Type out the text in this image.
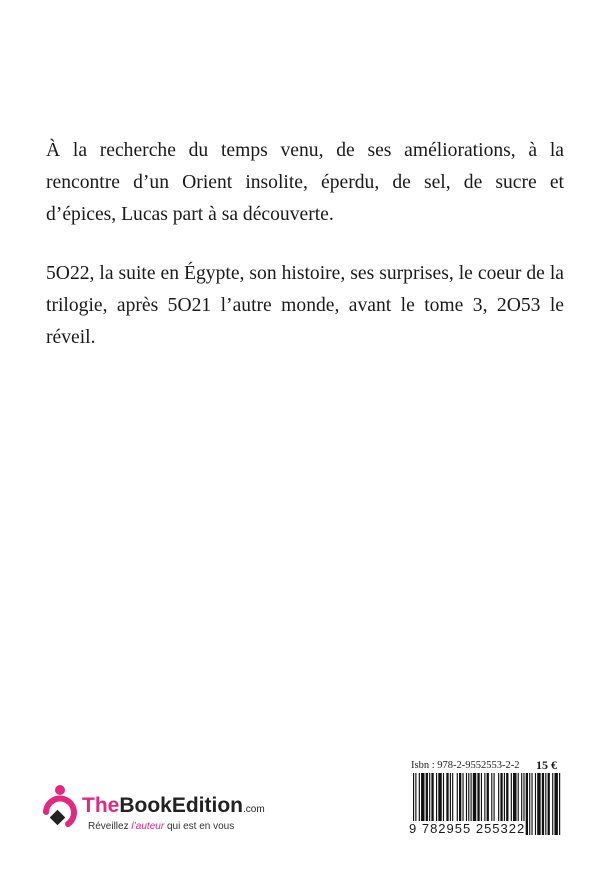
À la recherche du temps venu, de ses améliorations, à la rencontre d’un Orient insolite, éperdu, de sel, de sucre et d’épices, Lucas part à sa découverte.

5O22, la suite en Égypte, son histoire, ses surprises, le coeur de la trilogie, après 5O21 l’autre monde, avant le tome 3, 2O53 le réveil.

Isbn : 978-2-9552553-2-2 15 €
9 782955 255322
TheBookEdition.com
Réveillez l’auteur qui est en vous
